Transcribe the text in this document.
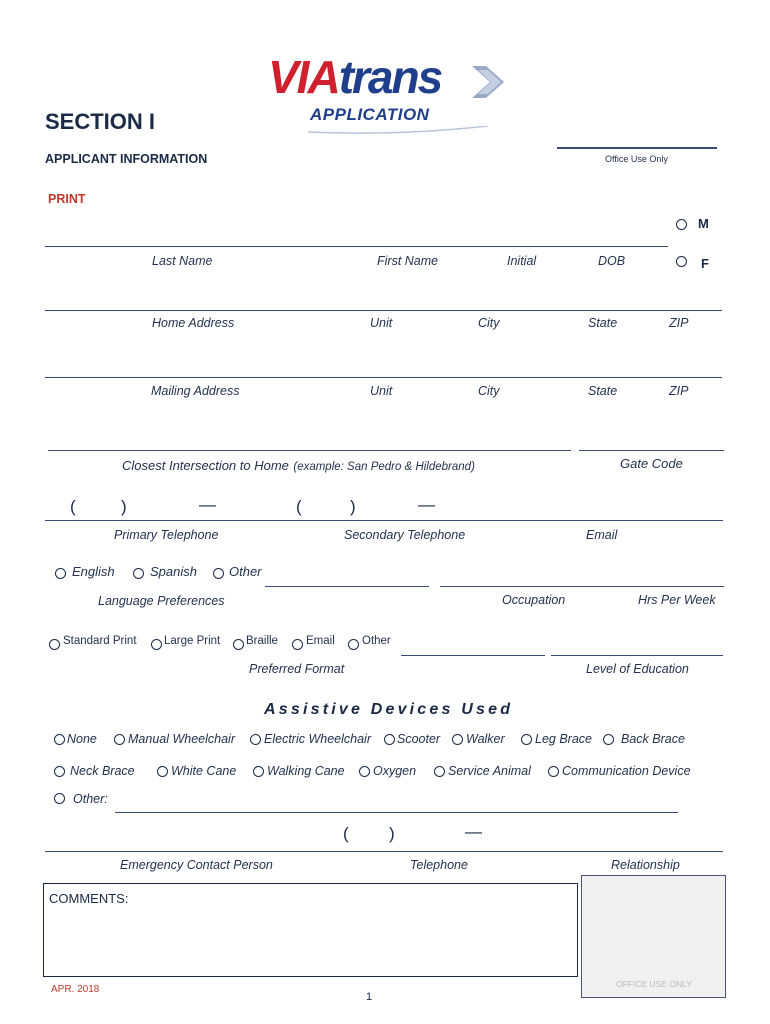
VIAtrans
APPLICATION
SECTION I
APPLICANT INFORMATION	Office Use Only
PRINT
M
F
Last Name	First Name	Initial	DOB
Home Address	Unit	City	State	ZIP
Mailing Address	Unit	City	State	ZIP
Closest Intersection to Home (example: San Pedro & Hildebrand)	Gate Code
(	)	—	(	)	—
Primary Telephone	Secondary Telephone	Email
English	Spanish Other
Language Preferences	Occupation	Hrs Per Week
Standard Print Large Print Braille Email Other
Preferred Format	Level of Education
Assistive Devices Used
None Manual Wheelchair Electric Wheelchair Scooter Walker Leg Brace Back Brace
Neck Brace	White Cane Walking Cane Oxygen	Service Animal Communication Device
Other:
( )	—
Emergency Contact Person	Telephone	Relationship
COMMENTS:
OFFICE USE ONLY
APR. 2018
1
